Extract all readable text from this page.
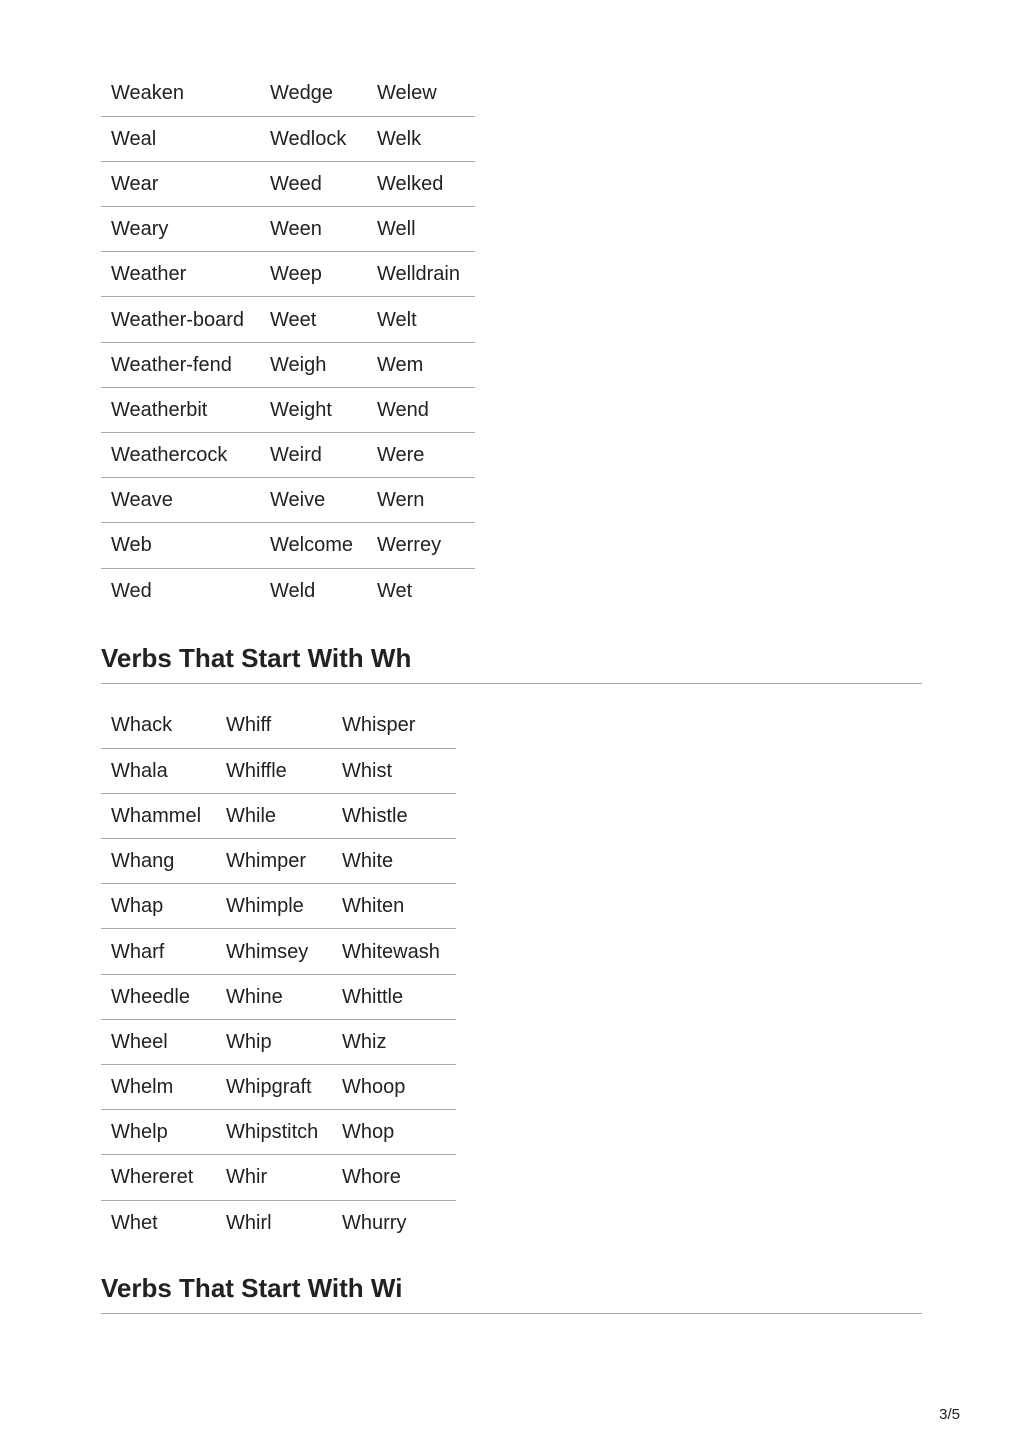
Weaken	Wedge	Welew
Weal	Wedlock	Welk
Wear	Weed	Welked
Weary	Ween	Well
Weather	Weep	Welldrain
Weather-board	Weet	Welt
Weather-fend	Weigh	Wem
Weatherbit	Weight	Wend
Weathercock	Weird	Were
Weave	Weive	Wern
Web	Welcome	Werrey
Wed	Weld	Wet
Verbs That Start With Wh
Whack	Whiff	Whisper
Whala	Whiffle	Whist
Whammel	While	Whistle
Whang	Whimper	White
Whap	Whimple	Whiten
Wharf	Whimsey	Whitewash
Wheedle	Whine	Whittle
Wheel	Whip	Whiz
Whelm	Whipgraft	Whoop
Whelp	Whipstitch	Whop
Whereret	Whir	Whore
Whet	Whirl	Whurry
Verbs That Start With Wi
3/5
